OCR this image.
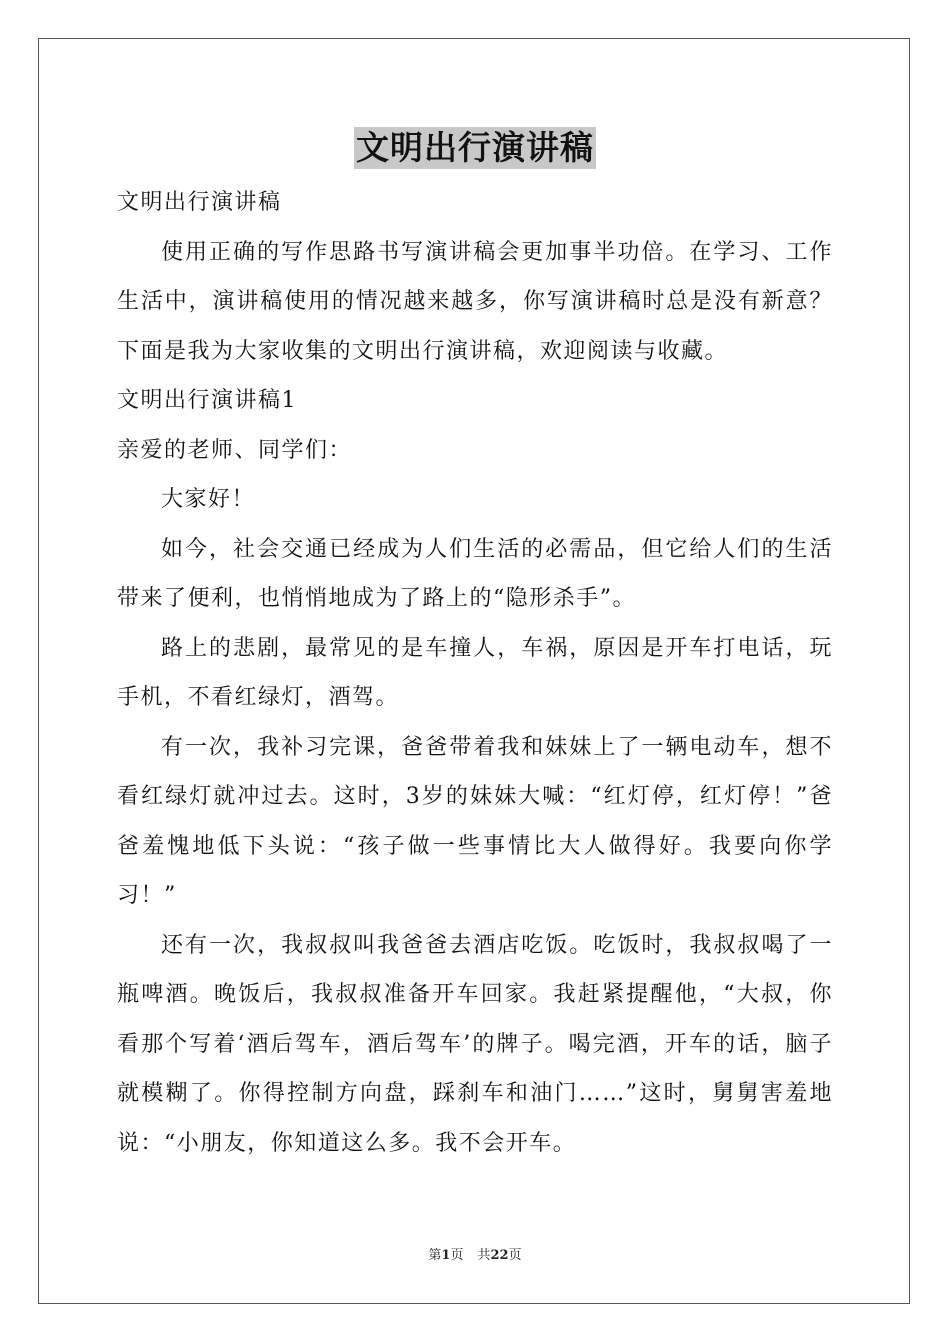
文明出行演讲稿

文明出行演讲稿

使用正确的写作思路书写演讲稿会更加事半功倍。在学习、工作生活中，演讲稿使用的情况越来越多，你写演讲稿时总是没有新意？下面是我为大家收集的文明出行演讲稿，欢迎阅读与收藏。

文明出行演讲稿1

亲爱的老师、同学们：

大家好！

如今，社会交通已经成为人们生活的必需品，但它给人们的生活带来了便利，也悄悄地成为了路上的“隐形杀手”。

路上的悲剧，最常见的是车撞人，车祸，原因是开车打电话，玩手机，不看红绿灯，酒驾。

有一次，我补习完课，爸爸带着我和妹妹上了一辆电动车，想不看红绿灯就冲过去。这时，3岁的妹妹大喊：“红灯停，红灯停！”爸爸羞愧地低下头说：“孩子做一些事情比大人做得好。我要向你学习！”

还有一次，我叔叔叫我爸爸去酒店吃饭。吃饭时，我叔叔喝了一瓶啤酒。晚饭后，我叔叔准备开车回家。我赶紧提醒他，“大叔，你看那个写着‘酒后驾车，酒后驾车’的牌子。喝完酒，开车的话，脑子就模糊了。你得控制方向盘，踩刹车和油门……”这时，舅舅害羞地说：“小朋友，你知道这么多。我不会开车。

第1页 共22页
